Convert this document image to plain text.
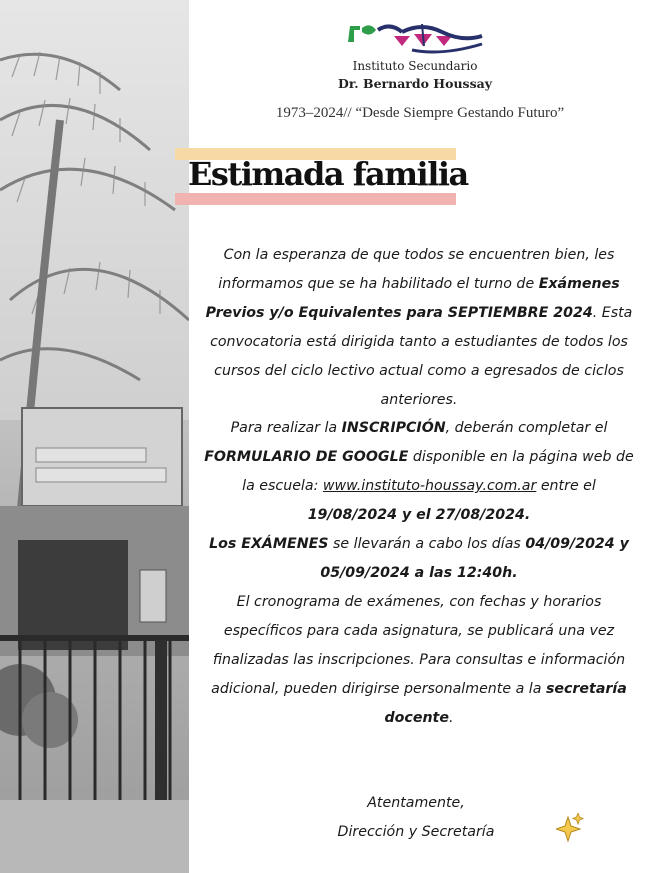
Instituto Secundario
Dr. Bernardo Houssay
1973–2024// “Desde Siempre Gestando Futuro”
Estimada familia
Con la esperanza de que todos se encuentren bien, les informamos que se ha habilitado el turno de Exámenes Previos y/o Equivalentes para SEPTIEMBRE 2024. Esta convocatoria está dirigida tanto a estudiantes de todos los cursos del ciclo lectivo actual como a egresados de ciclos anteriores.
Para realizar la INSCRIPCIÓN, deberán completar el FORMULARIO DE GOOGLE disponible en la página web de la escuela: www.instituto-houssay.com.ar entre el 19/08/2024 y el 27/08/2024.
Los EXÁMENES se llevarán a cabo los días 04/09/2024 y 05/09/2024 a las 12:40h.
El cronograma de exámenes, con fechas y horarios específicos para cada asignatura, se publicará una vez finalizadas las inscripciones. Para consultas e información adicional, pueden dirigirse personalmente a la secretaría docente.
Atentamente,
Dirección y Secretaría
